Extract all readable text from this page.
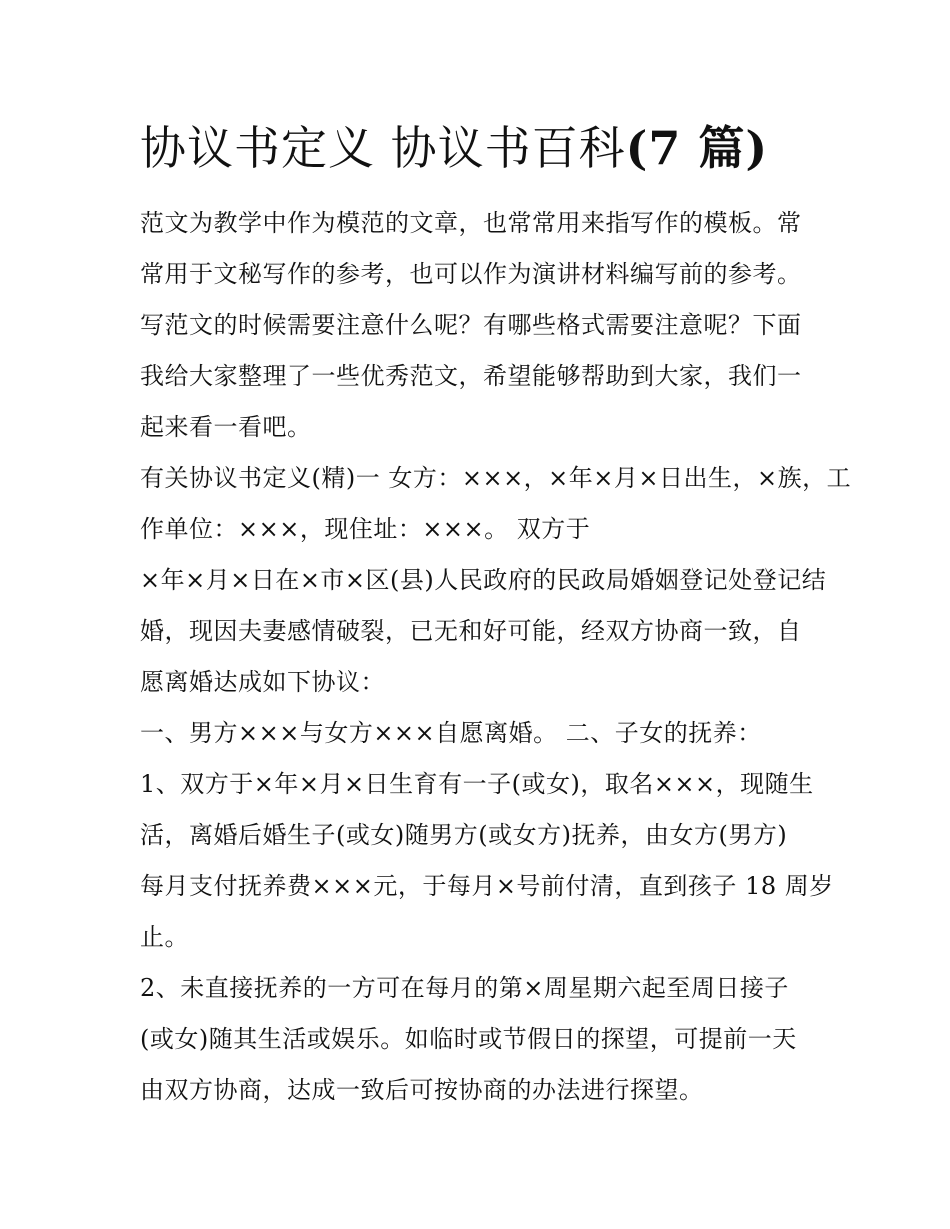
协议书定义 协议书百科(7 篇)
范文为教学中作为模范的文章，也常常用来指写作的模板。常
常用于文秘写作的参考，也可以作为演讲材料编写前的参考。
写范文的时候需要注意什么呢？有哪些格式需要注意呢？下面
我给大家整理了一些优秀范文，希望能够帮助到大家，我们一
起来看一看吧。
有关协议书定义(精)一 女方：×××，×年×月×日出生，×族，工
作单位：×××，现住址：×××。 双方于
×年×月×日在×市×区(县)人民政府的民政局婚姻登记处登记结
婚，现因夫妻感情破裂，已无和好可能，经双方协商一致，自
愿离婚达成如下协议：
一、男方×××与女方×××自愿离婚。 二、子女的抚养：
1、双方于×年×月×日生育有一子(或女)，取名×××，现随生
活，离婚后婚生子(或女)随男方(或女方)抚养，由女方(男方)
每月支付抚养费×××元，于每月×号前付清，直到孩子 18 周岁
止。
2、未直接抚养的一方可在每月的第×周星期六起至周日接子
(或女)随其生活或娱乐。如临时或节假日的探望，可提前一天
由双方协商，达成一致后可按协商的办法进行探望。
